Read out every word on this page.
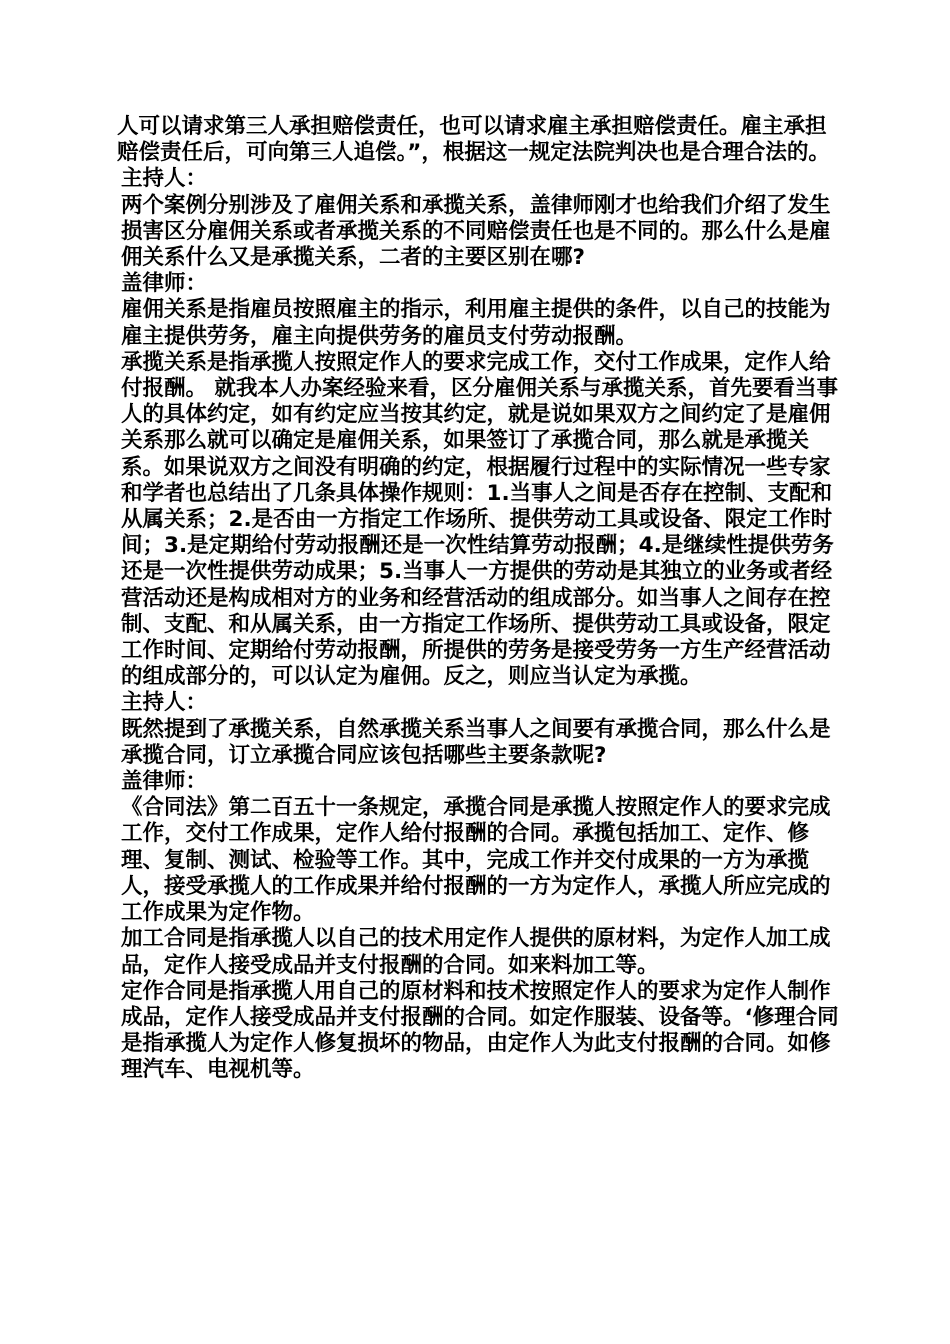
人可以请求第三人承担赔偿责任，也可以请求雇主承担赔偿责任。雇主承担赔偿责任后，可向第三人追偿。”，根据这一规定法院判决也是合理合法的。

主持人：

两个案例分别涉及了雇佣关系和承揽关系，盖律师刚才也给我们介绍了发生损害区分雇佣关系或者承揽关系的不同赔偿责任也是不同的。那么什么是雇佣关系什么又是承揽关系，二者的主要区别在哪?

盖律师：

雇佣关系是指雇员按照雇主的指示，利用雇主提供的条件，以自己的技能为雇主提供劳务，雇主向提供劳务的雇员支付劳动报酬。

承揽关系是指承揽人按照定作人的要求完成工作，交付工作成果，定作人给付报酬。 就我本人办案经验来看，区分雇佣关系与承揽关系，首先要看当事人的具体约定，如有约定应当按其约定，就是说如果双方之间约定了是雇佣关系那么就可以确定是雇佣关系，如果签订了承揽合同，那么就是承揽关系。如果说双方之间没有明确的约定，根据履行过程中的实际情况一些专家和学者也总结出了几条具体操作规则：1.当事人之间是否存在控制、支配和从属关系；2.是否由一方指定工作场所、提供劳动工具或设备、限定工作时间；3.是定期给付劳动报酬还是一次性结算劳动报酬；4.是继续性提供劳务还是一次性提供劳动成果；5.当事人一方提供的劳动是其独立的业务或者经营活动还是构成相对方的业务和经营活动的组成部分。如当事人之间存在控制、支配、和从属关系，由一方指定工作场所、提供劳动工具或设备，限定工作时间、定期给付劳动报酬，所提供的劳务是接受劳务一方生产经营活动的组成部分的，可以认定为雇佣。反之，则应当认定为承揽。

主持人：

既然提到了承揽关系，自然承揽关系当事人之间要有承揽合同，那么什么是承揽合同，订立承揽合同应该包括哪些主要条款呢?

盖律师：

《合同法》第二百五十一条规定，承揽合同是承揽人按照定作人的要求完成工作，交付工作成果，定作人给付报酬的合同。承揽包括加工、定作、修理、复制、测试、检验等工作。其中，完成工作并交付成果的一方为承揽人，接受承揽人的工作成果并给付报酬的一方为定作人，承揽人所应完成的工作成果为定作物。

加工合同是指承揽人以自己的技术用定作人提供的原材料，为定作人加工成品，定作人接受成品并支付报酬的合同。如来料加工等。

定作合同是指承揽人用自己的原材料和技术按照定作人的要求为定作人制作成品，定作人接受成品并支付报酬的合同。如定作服装、设备等。‘修理合同是指承揽人为定作人修复损坏的物品，由定作人为此支付报酬的合同。如修理汽车、电视机等。
